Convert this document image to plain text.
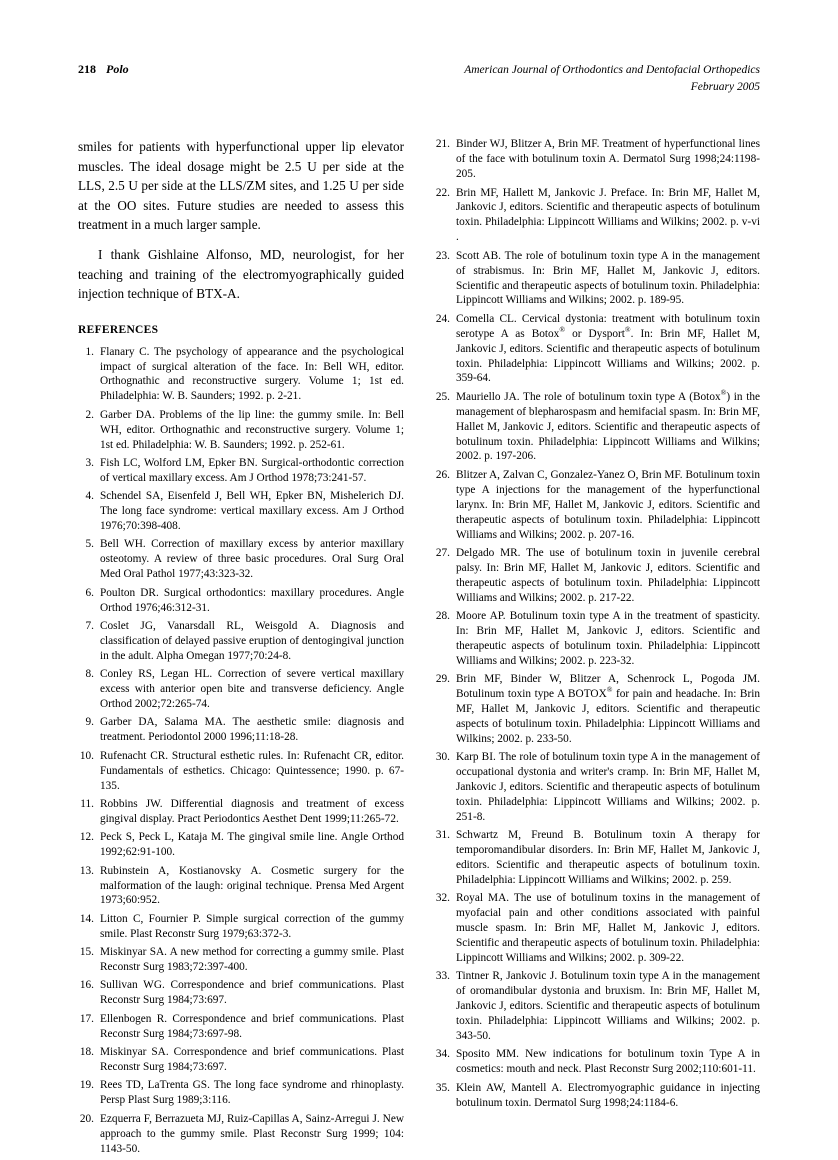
218 Polo	American Journal of Orthodontics and Dentofacial Orthopedics
February 2005

smiles for patients with hyperfunctional upper lip elevator muscles. The ideal dosage might be 2.5 U per side at the LLS, 2.5 U per side at the LLS/ZM sites, and 1.25 U per side at the OO sites. Future studies are needed to assess this treatment in a much larger sample.

I thank Gishlaine Alfonso, MD, neurologist, for her teaching and training of the electromyographically guided injection technique of BTX-A.

REFERENCES
1. Flanary C. The psychology of appearance and the psychological impact of surgical alteration of the face. In: Bell WH, editor. Orthognathic and reconstructive surgery. Volume 1; 1st ed. Philadelphia: W. B. Saunders; 1992. p. 2-21.
2. Garber DA. Problems of the lip line: the gummy smile. In: Bell WH, editor. Orthognathic and reconstructive surgery. Volume 1; 1st ed. Philadelphia: W. B. Saunders; 1992. p. 252-61.
3. Fish LC, Wolford LM, Epker BN. Surgical-orthodontic correction of vertical maxillary excess. Am J Orthod 1978;73:241-57.
4. Schendel SA, Eisenfeld J, Bell WH, Epker BN, Mishelerich DJ. The long face syndrome: vertical maxillary excess. Am J Orthod 1976;70:398-408.
5. Bell WH. Correction of maxillary excess by anterior maxillary osteotomy. A review of three basic procedures. Oral Surg Oral Med Oral Pathol 1977;43:323-32.
6. Poulton DR. Surgical orthodontics: maxillary procedures. Angle Orthod 1976;46:312-31.
7. Coslet JG, Vanarsdall RL, Weisgold A. Diagnosis and classification of delayed passive eruption of dentogingival junction in the adult. Alpha Omegan 1977;70:24-8.
8. Conley RS, Legan HL. Correction of severe vertical maxillary excess with anterior open bite and transverse deficiency. Angle Orthod 2002;72:265-74.
9. Garber DA, Salama MA. The aesthetic smile: diagnosis and treatment. Periodontol 2000 1996;11:18-28.
10. Rufenacht CR. Structural esthetic rules. In: Rufenacht CR, editor. Fundamentals of esthetics. Chicago: Quintessence; 1990. p. 67-135.
11. Robbins JW. Differential diagnosis and treatment of excess gingival display. Pract Periodontics Aesthet Dent 1999;11:265-72.
12. Peck S, Peck L, Kataja M. The gingival smile line. Angle Orthod 1992;62:91-100.
13. Rubinstein A, Kostianovsky A. Cosmetic surgery for the malformation of the laugh: original technique. Prensa Med Argent 1973;60:952.
14. Litton C, Fournier P. Simple surgical correction of the gummy smile. Plast Reconstr Surg 1979;63:372-3.
15. Miskinyar SA. A new method for correcting a gummy smile. Plast Reconstr Surg 1983;72:397-400.
16. Sullivan WG. Correspondence and brief communications. Plast Reconstr Surg 1984;73:697.
17. Ellenbogen R. Correspondence and brief communications. Plast Reconstr Surg 1984;73:697-98.
18. Miskinyar SA. Correspondence and brief communications. Plast Reconstr Surg 1984;73:697.
19. Rees TD, LaTrenta GS. The long face syndrome and rhinoplasty. Persp Plast Surg 1989;3:116.
20. Ezquerra F, Berrazueta MJ, Ruiz-Capillas A, Sainz-Arregui J. New approach to the gummy smile. Plast Reconstr Surg 1999; 104: 1143-50.
21. Binder WJ, Blitzer A, Brin MF. Treatment of hyperfunctional lines of the face with botulinum toxin A. Dermatol Surg 1998;24:1198-205.
22. Brin MF, Hallett M, Jankovic J. Preface. In: Brin MF, Hallet M, Jankovic J, editors. Scientific and therapeutic aspects of botulinum toxin. Philadelphia: Lippincott Williams and Wilkins; 2002. p. v-vi .
23. Scott AB. The role of botulinum toxin type A in the management of strabismus. In: Brin MF, Hallet M, Jankovic J, editors. Scientific and therapeutic aspects of botulinum toxin. Philadelphia: Lippincott Williams and Wilkins; 2002. p. 189-95.
24. Comella CL. Cervical dystonia: treatment with botulinum toxin serotype A as Botox® or Dysport®. In: Brin MF, Hallet M, Jankovic J, editors. Scientific and therapeutic aspects of botulinum toxin. Philadelphia: Lippincott Williams and Wilkins; 2002. p. 359-64.
25. Mauriello JA. The role of botulinum toxin type A (Botox®) in the management of blepharospasm and hemifacial spasm. In: Brin MF, Hallet M, Jankovic J, editors. Scientific and therapeutic aspects of botulinum toxin. Philadelphia: Lippincott Williams and Wilkins; 2002. p. 197-206.
26. Blitzer A, Zalvan C, Gonzalez-Yanez O, Brin MF. Botulinum toxin type A injections for the management of the hyperfunctional larynx. In: Brin MF, Hallet M, Jankovic J, editors. Scientific and therapeutic aspects of botulinum toxin. Philadelphia: Lippincott Williams and Wilkins; 2002. p. 207-16.
27. Delgado MR. The use of botulinum toxin in juvenile cerebral palsy. In: Brin MF, Hallet M, Jankovic J, editors. Scientific and therapeutic aspects of botulinum toxin. Philadelphia: Lippincott Williams and Wilkins; 2002. p. 217-22.
28. Moore AP. Botulinum toxin type A in the treatment of spasticity. In: Brin MF, Hallet M, Jankovic J, editors. Scientific and therapeutic aspects of botulinum toxin. Philadelphia: Lippincott Williams and Wilkins; 2002. p. 223-32.
29. Brin MF, Binder W, Blitzer A, Schenrock L, Pogoda JM. Botulinum toxin type A BOTOX® for pain and headache. In: Brin MF, Hallet M, Jankovic J, editors. Scientific and therapeutic aspects of botulinum toxin. Philadelphia: Lippincott Williams and Wilkins; 2002. p. 233-50.
30. Karp BI. The role of botulinum toxin type A in the management of occupational dystonia and writer's cramp. In: Brin MF, Hallet M, Jankovic J, editors. Scientific and therapeutic aspects of botulinum toxin. Philadelphia: Lippincott Williams and Wilkins; 2002. p. 251-8.
31. Schwartz M, Freund B. Botulinum toxin A therapy for temporomandibular disorders. In: Brin MF, Hallet M, Jankovic J, editors. Scientific and therapeutic aspects of botulinum toxin. Philadelphia: Lippincott Williams and Wilkins; 2002. p. 259.
32. Royal MA. The use of botulinum toxins in the management of myofacial pain and other conditions associated with painful muscle spasm. In: Brin MF, Hallet M, Jankovic J, editors. Scientific and therapeutic aspects of botulinum toxin. Philadelphia: Lippincott Williams and Wilkins; 2002. p. 309-22.
33. Tintner R, Jankovic J. Botulinum toxin type A in the management of oromandibular dystonia and bruxism. In: Brin MF, Hallet M, Jankovic J, editors. Scientific and therapeutic aspects of botulinum toxin. Philadelphia: Lippincott Williams and Wilkins; 2002. p. 343-50.
34. Sposito MM. New indications for botulinum toxin Type A in cosmetics: mouth and neck. Plast Reconstr Surg 2002;110:601-11.
35. Klein AW, Mantell A. Electromyographic guidance in injecting botulinum toxin. Dermatol Surg 1998;24:1184-6.
